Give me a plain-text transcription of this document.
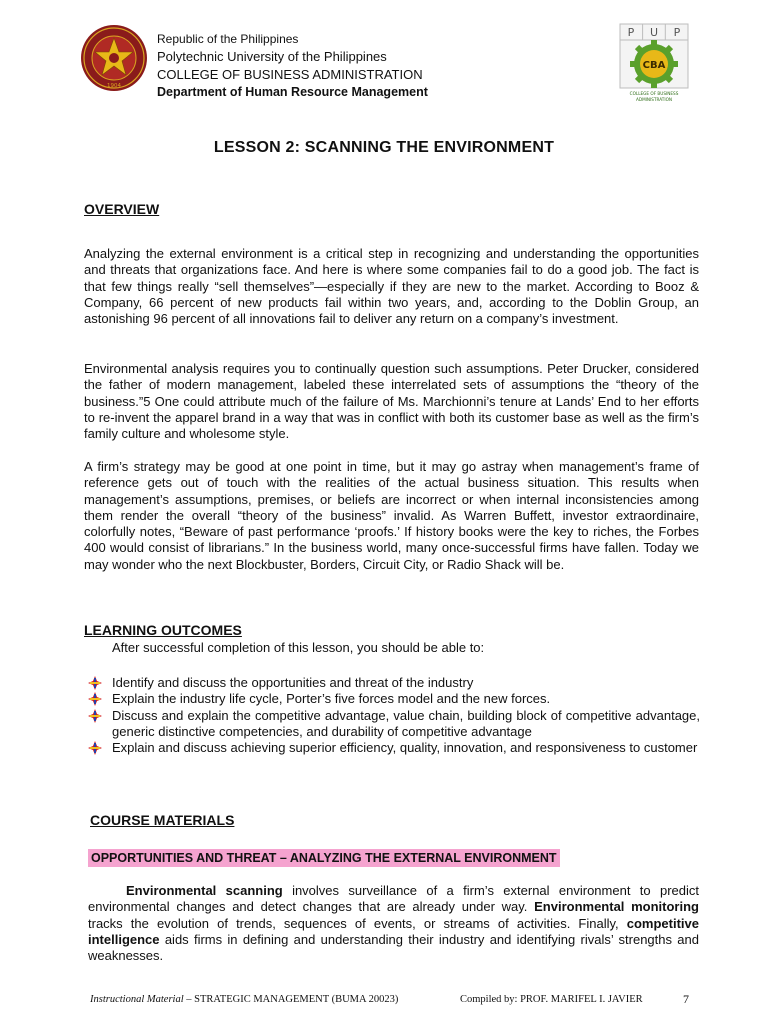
1904
Republic of the Philippines
Polytechnic University of the Philippines
COLLEGE OF BUSINESS ADMINISTRATION
Department of Human Resource Management
P U P
CBA
COLLEGE OF BUSINESS
ADMINISTRATION
LESSON 2: SCANNING THE ENVIRONMENT
OVERVIEW

Analyzing the external environment is a critical step in recognizing and understanding the opportunities and threats that organizations face. And here is where some companies fail to do a good job. The fact is that few things really “sell themselves”—especially if they are new to the market. According to Booz & Company, 66 percent of new products fail within two years, and, according to the Doblin Group, an astonishing 96 percent of all innovations fail to deliver any return on a company’s investment.

Environmental analysis requires you to continually question such assumptions. Peter Drucker, considered the father of modern management, labeled these interrelated sets of assumptions the “theory of the business.”5 One could attribute much of the failure of Ms. Marchionni’s tenure at Lands’ End to her efforts to re-invent the apparel brand in a way that was in conflict with both its customer base as well as the firm’s family culture and wholesome style.

A firm’s strategy may be good at one point in time, but it may go astray when management’s frame of reference gets out of touch with the realities of the actual business situation. This results when management’s assumptions, premises, or beliefs are incorrect or when internal inconsistencies among them render the overall “theory of the business” invalid. As Warren Buffett, investor extraordinaire, colorfully notes, “Beware of past performance ‘proofs.’ If history books were the key to riches, the Forbes 400 would consist of librarians.” In the business world, many once-successful firms have fallen. Today we may wonder who the next Blockbuster, Borders, Circuit City, or Radio Shack will be.

LEARNING OUTCOMES
After successful completion of this lesson, you should be able to:
Identify and discuss the opportunities and threat of the industry
Explain the industry life cycle, Porter’s five forces model and the new forces.
Discuss and explain the competitive advantage, value chain, building block of competitive advantage, generic distinctive competencies, and durability of competitive advantage
Explain and discuss achieving superior efficiency, quality, innovation, and responsiveness to customer
COURSE MATERIALS
OPPORTUNITIES AND THREAT – ANALYZING THE EXTERNAL ENVIRONMENT

Environmental scanning involves surveillance of a firm’s external environment to predict environmental changes and detect changes that are already under way. Environmental monitoring tracks the evolution of trends, sequences of events, or streams of activities. Finally, competitive intelligence aids firms in defining and understanding their industry and identifying rivals’ strengths and weaknesses.

Instructional Material – STRATEGIC MANAGEMENT (BUMA 20023)	Compiled by: PROF. MARIFEL I. JAVIER	7
